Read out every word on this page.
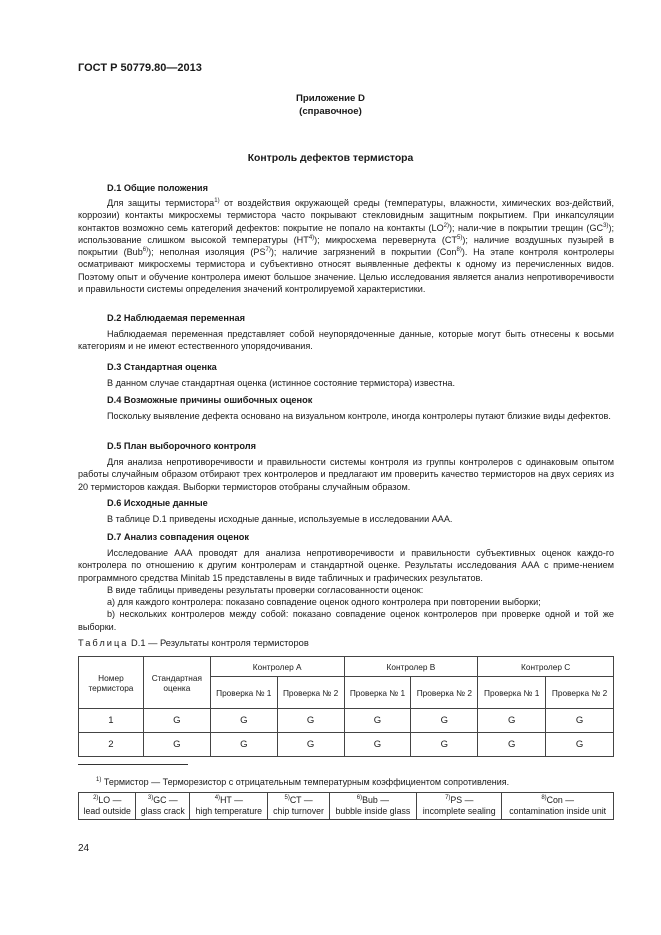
ГОСТ Р 50779.80—2013
Приложение D
(справочное)
Контроль дефектов термистора
D.1 Общие положения

Для защиты термистора$^{1)}$ от воздействия окружающей среды (температуры, влажности, химических воз-действий, коррозии) контакты микросхемы термистора часто покрывают стекловидным защитным покрытием. При инкапсуляции контактов возможно семь категорий дефектов: покрытие не попало на контакты (LO$^{2)}$); нали-чие в покрытии трещин (GC$^{3)}$); использование слишком высокой температуры (HT$^{4)}$); микросхема перевернута (CT$^{5)}$); наличие воздушных пузырей в покрытии (Bub$^{6)}$); неполная изоляция (PS$^{7)}$); наличие загрязнений в покрытии (Con$^{8)}$). На этапе контроля контролеры осматривают микросхемы термистора и субъективно относят выявленные дефекты к одному из перечисленных видов. Поэтому опыт и обучение контролера имеют большое значение. Целью исследования является анализ непротиворечивости и правильности системы определения значений контролируемой характеристики.

D.2 Наблюдаемая переменная

Наблюдаемая переменная представляет собой неупорядоченные данные, которые могут быть отнесены к восьми категориям и не имеют естественного упорядочивания.

D.3 Стандартная оценка

В данном случае стандартная оценка (истинное состояние термистора) известна.

D.4 Возможные причины ошибочных оценок

Поскольку выявление дефекта основано на визуальном контроле, иногда контролеры путают близкие виды дефектов.

D.5 План выборочного контроля

Для анализа непротиворечивости и правильности системы контроля из группы контролеров с одинаковым опытом работы случайным образом отбирают трех контролеров и предлагают им проверить качество термисторов на двух сериях из 20 термисторов каждая. Выборки термисторов отобраны случайным образом.

D.6 Исходные данные

В таблице D.1 приведены исходные данные, используемые в исследовании ААА.

D.7 Анализ совпадения оценок

Исследование ААА проводят для анализа непротиворечивости и правильности субъективных оценок каждо-го контролера по отношению к другим контролерам и стандартной оценке. Результаты исследования ААА с приме-нением программного средства Minitab 15 представлены в виде табличных и графических результатов.

В виде таблицы приведены результаты проверки согласованности оценок:

а) для каждого контролера: показано совпадение оценок одного контролера при повторении выборки;

b) нескольких контролеров между собой: показано совпадение оценок контролеров при проверке одной и той же выборки.

Таблица D.1 — Результаты контроля термисторов
Номер термистора	Стандартная оценка	Контролер A		Контролер B		Контролер C	
		Проверка № 1	Проверка № 2	Проверка № 1	Проверка № 2	Проверка № 1	Проверка № 2
1	G	G	G	G	G	G	G
2	G	G	G	G	G	G	G
$^{1)}$ Термистор — Терморезистор с отрицательным температурным коэффициентом сопротивления.
$^{2)}$LO —
lead outside	$^{3)}$GC —
glass crack	$^{4)}$HT —
high temperature	$^{5)}$CT —
chip turnover	$^{6)}$Bub —
bubble inside glass	$^{7)}$PS —
incomplete sealing	$^{8)}$Con —
contamination inside unit
24
